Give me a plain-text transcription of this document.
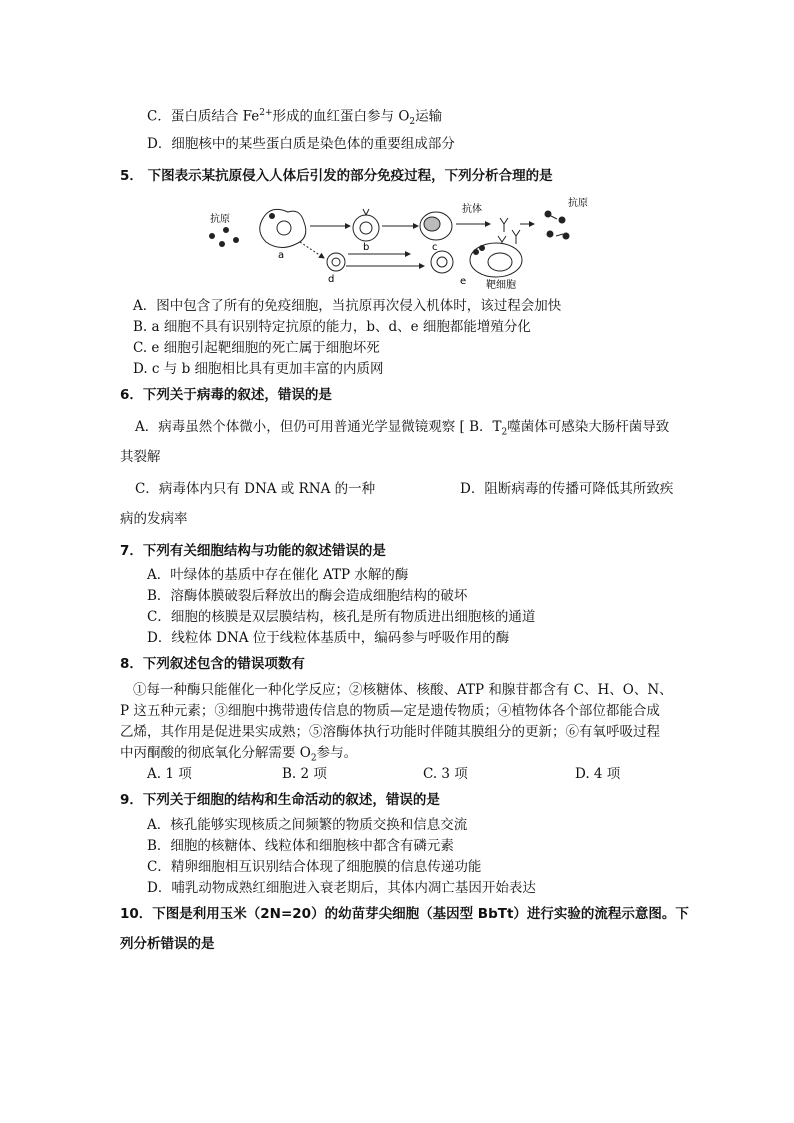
C．蛋白质结合 $Fe^{2+}$形成的血红蛋白参与 $O_2$运输
D．细胞核中的某些蛋白质是染色体的重要组成部分
5． 下图表示某抗原侵入人体后引发的部分免疫过程，下列分析合理的是
抗原
a
b	c
抗体
抗原
d	e 靶细胞
A．图中包含了所有的免疫细胞，当抗原再次侵入机体时，该过程会加快
B. a 细胞不具有识别特定抗原的能力，b、d、e 细胞都能增殖分化
C. e 细胞引起靶细胞的死亡属于细胞坏死
D. c 与 b 细胞相比具有更加丰富的内质网
6．下列关于病毒的叙述，错误的是
A．病毒虽然个体微小，但仍可用普通光学显微镜观察 [ B．$T_2$噬菌体可感染大肠杆菌导致
其裂解
C．病毒体内只有 DNA 或 RNA 的一种	D．阻断病毒的传播可降低其所致疾
病的发病率
7．下列有关细胞结构与功能的叙述错误的是
A．叶绿体的基质中存在催化 ATP 水解的酶
B．溶酶体膜破裂后释放出的酶会造成细胞结构的破坏
C．细胞的核膜是双层膜结构，核孔是所有物质进出细胞核的通道
D．线粒体 DNA 位于线粒体基质中，编码参与呼吸作用的酶
8．下列叙述包含的错误项数有
①每一种酶只能催化一种化学反应；②核糖体、核酸、ATP 和腺苷都含有 C、H、O、N、
P 这五种元素；③细胞中携带遗传信息的物质—定是遗传物质；④植物体各个部位都能合成
乙烯，其作用是促进果实成熟；⑤溶酶体执行功能时伴随其膜组分的更新；⑥有氧呼吸过程
中丙酮酸的彻底氧化分解需要 $O_2$参与。
A. 1 项	B. 2 项	C. 3 项	D. 4 项
9．下列关于细胞的结构和生命活动的叙述，错误的是
A．核孔能够实现核质之间频繁的物质交换和信息交流
B．细胞的核糖体、线粒体和细胞核中都含有磷元素
C．精卵细胞相互识别结合体现了细胞膜的信息传递功能
D．哺乳动物成熟红细胞进入衰老期后，其体内凋亡基因开始表达
10．下图是利用玉米（2N=20）的幼苗芽尖细胞（基因型 BbTt）进行实验的流程示意图。下
列分析错误的是
